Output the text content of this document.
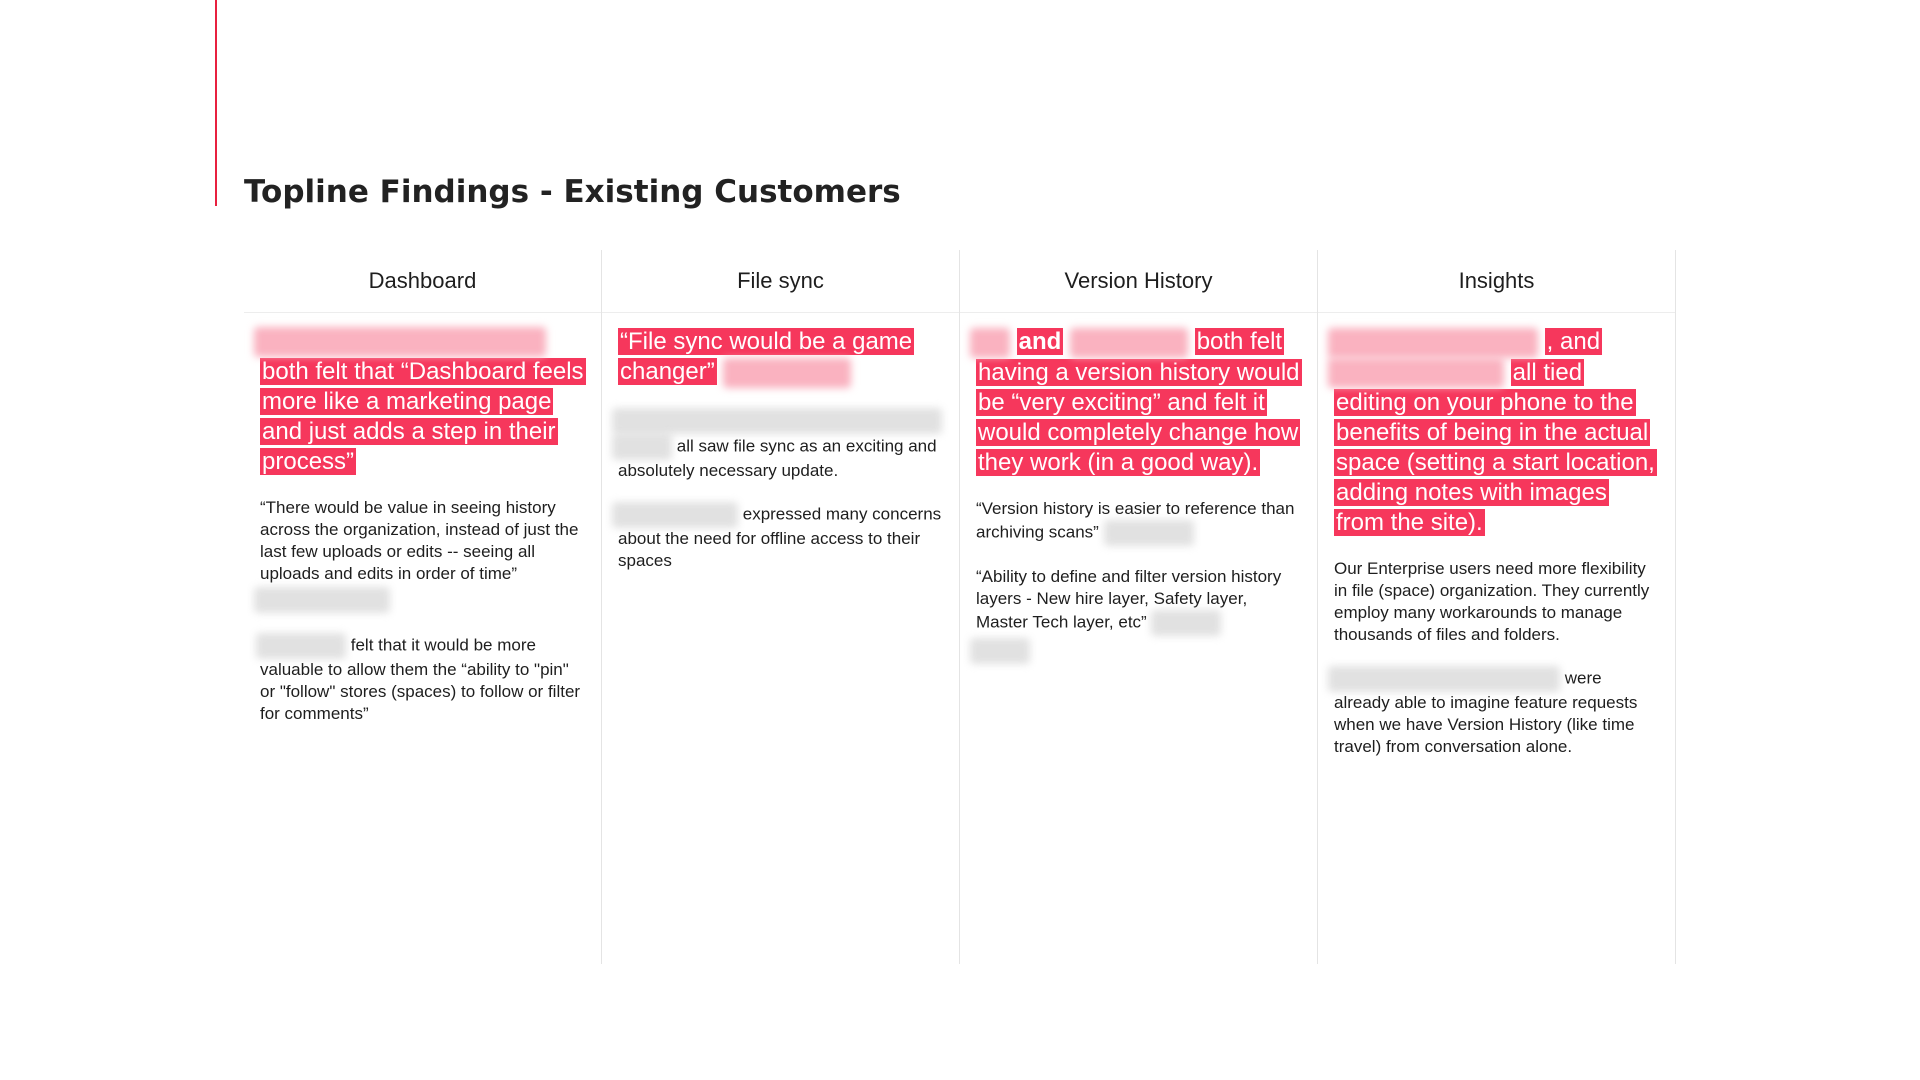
Topline Findings - Existing Customers
Dashboard

both felt that “Dashboard feels more like a marketing page and just adds a step in their process”

“There would be value in seeing history across the organization, instead of just the last few uploads or edits -- seeing all uploads and edits in order of time”

felt that it would be more valuable to allow them the “ability to "pin" or "follow" stores (spaces) to follow or filter for comments”

File sync

“File sync would be a game changer”

all saw file sync as an exciting and absolutely necessary update.

expressed many concerns about the need for offline access to their spaces

Version History

and	both felt having a version history would be “very exciting” and felt it would completely change how they work (in a good way).

“Version history is easier to reference than archiving scans”

“Ability to define and filter version history layers - New hire layer, Safety layer, Master Tech layer, etc”

Insights

, and  all tied editing on your phone to the benefits of being in the actual space (setting a start location, adding notes with images from the site).

Our Enterprise users need more flexibility in file (space) organization. They currently employ many workarounds to manage thousands of files and folders.

were already able to imagine feature requests when we have Version History (like time travel) from conversation alone.
